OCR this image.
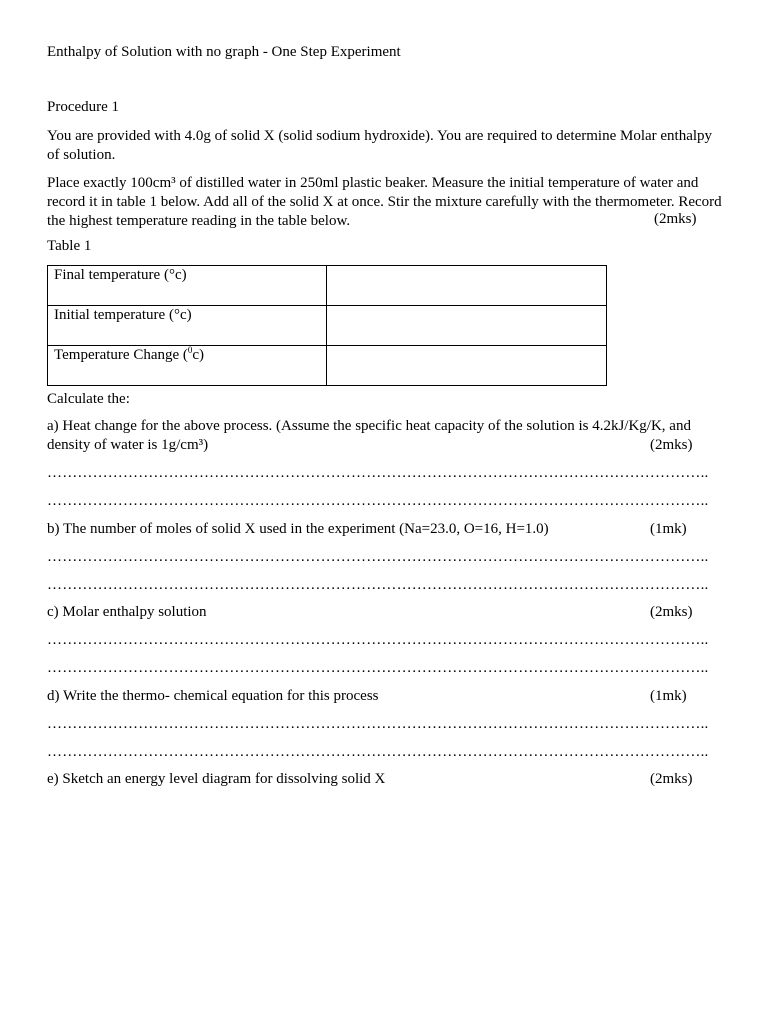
Enthalpy of Solution with no graph - One Step Experiment
Procedure 1
You are provided with 4.0g of solid X (solid sodium hydroxide). You are required to determine Molar enthalpy of solution.
Place exactly 100cm³ of distilled water in 250ml plastic beaker. Measure the initial temperature of water and record it in table 1 below. Add all of the solid X at once. Stir the mixture carefully with the thermometer. Record the highest temperature reading in the table below.	(2mks)
Table 1
Final temperature (°c)	
Initial temperature (°c)	
Temperature Change ($^0$c)	
Calculate the:
a) Heat change for the above process. (Assume the specific heat capacity of the solution is 4.2kJ/Kg/K, and density of water is 1g/cm³)	(2mks)
…………………………………………………………………………………………………………………..
…………………………………………………………………………………………………………………..
b) The number of moles of solid X used in the experiment (Na=23.0, O=16, H=1.0)	(1mk)
…………………………………………………………………………………………………………………..
…………………………………………………………………………………………………………………..
c) Molar enthalpy solution	(2mks)
…………………………………………………………………………………………………………………..
…………………………………………………………………………………………………………………..
d) Write the thermo- chemical equation for this process	(1mk)
…………………………………………………………………………………………………………………..
…………………………………………………………………………………………………………………..
e) Sketch an energy level diagram for dissolving solid X	(2mks)
